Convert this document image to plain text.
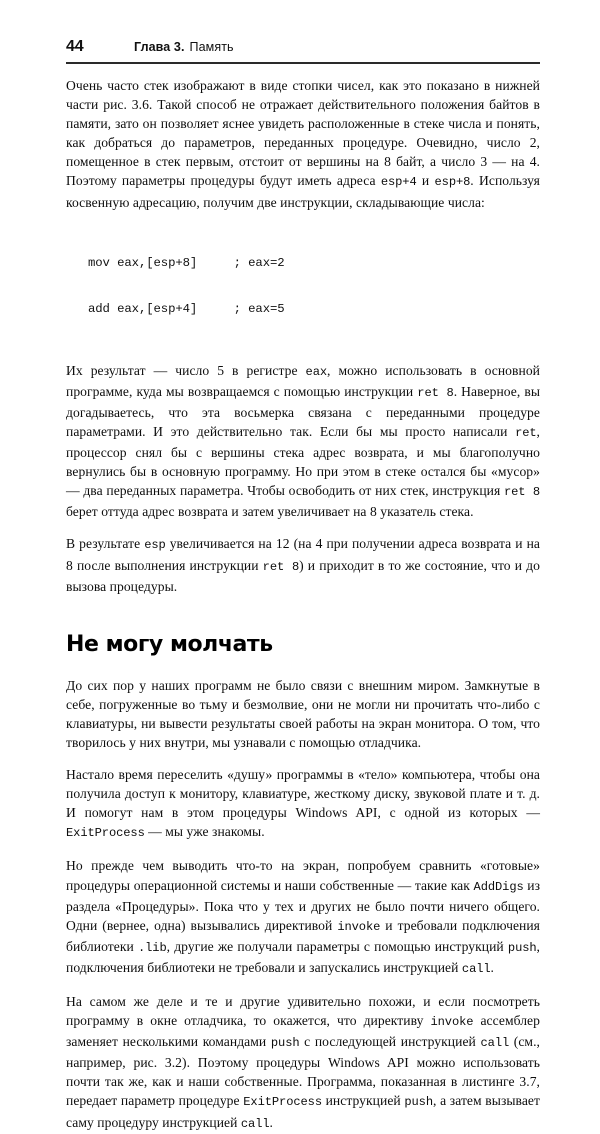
44	Глава 3. Память

Очень часто стек изображают в виде стопки чисел, как это показано в нижней части рис. 3.6. Такой способ не отражает действительного положения байтов в памяти, зато он позволяет яснее увидеть расположенные в стеке числа и понять, как добраться до параметров, переданных процедуре. Очевидно, число 2, помещенное в стек первым, отстоит от вершины на 8 байт, а число 3 — на 4. Поэтому параметры процедуры будут иметь адреса esp+4 и esp+8. Используя косвенную адресацию, получим две инструкции, складывающие числа:

mov eax,[esp+8]     ; eax=2

add eax,[esp+4]     ; eax=5

Их результат — число 5 в регистре eax, можно использовать в основной программе, куда мы возвращаемся с помощью инструкции ret 8. Наверное, вы догадываетесь, что эта восьмерка связана с переданными процедуре параметрами. И это действительно так. Если бы мы просто написали ret, процессор снял бы с вершины стека адрес возврата, и мы благополучно вернулись бы в основную программу. Но при этом в стеке остался бы «мусор» — два переданных параметра. Чтобы освободить от них стек, инструкция ret 8 берет оттуда адрес возврата и затем увеличивает на 8 указатель стека.

В результате esp увеличивается на 12 (на 4 при получении адреса возврата и на 8 после выполнения инструкции ret 8) и приходит в то же состояние, что и до вызова процедуры.

Не могу молчать

До сих пор у наших программ не было связи с внешним миром. Замкнутые в себе, погруженные во тьму и безмолвие, они не могли ни прочитать что-либо с клавиатуры, ни вывести результаты своей работы на экран монитора. О том, что творилось у них внутри, мы узнавали с помощью отладчика.

Настало время переселить «душу» программы в «тело» компьютера, чтобы она получила доступ к монитору, клавиатуре, жесткому диску, звуковой плате и т. д. И помогут нам в этом процедуры Windows API, с одной из которых — ExitProcess — мы уже знакомы.

Но прежде чем выводить что-то на экран, попробуем сравнить «готовые» процедуры операционной системы и наши собственные — такие как AddDigs из раздела «Процедуры». Пока что у тех и других не было почти ничего общего. Одни (вернее, одна) вызывались директивой invoke и требовали подключения библиотеки .lib, другие же получали параметры с помощью инструкций push, подключения библиотеки не требовали и запускались инструкцией call.

На самом же деле и те и другие удивительно похожи, и если посмотреть программу в окне отладчика, то окажется, что директиву invoke ассемблер заменяет несколькими командами push с последующей инструкцией call (см., например, рис. 3.2). Поэтому процедуры Windows API можно использовать почти так же, как и наши собственные. Программа, показанная в листинге 3.7, передает параметр процедуре ExitProcess инструкцией push, а затем вызывает саму процедуру инструкцией call.
